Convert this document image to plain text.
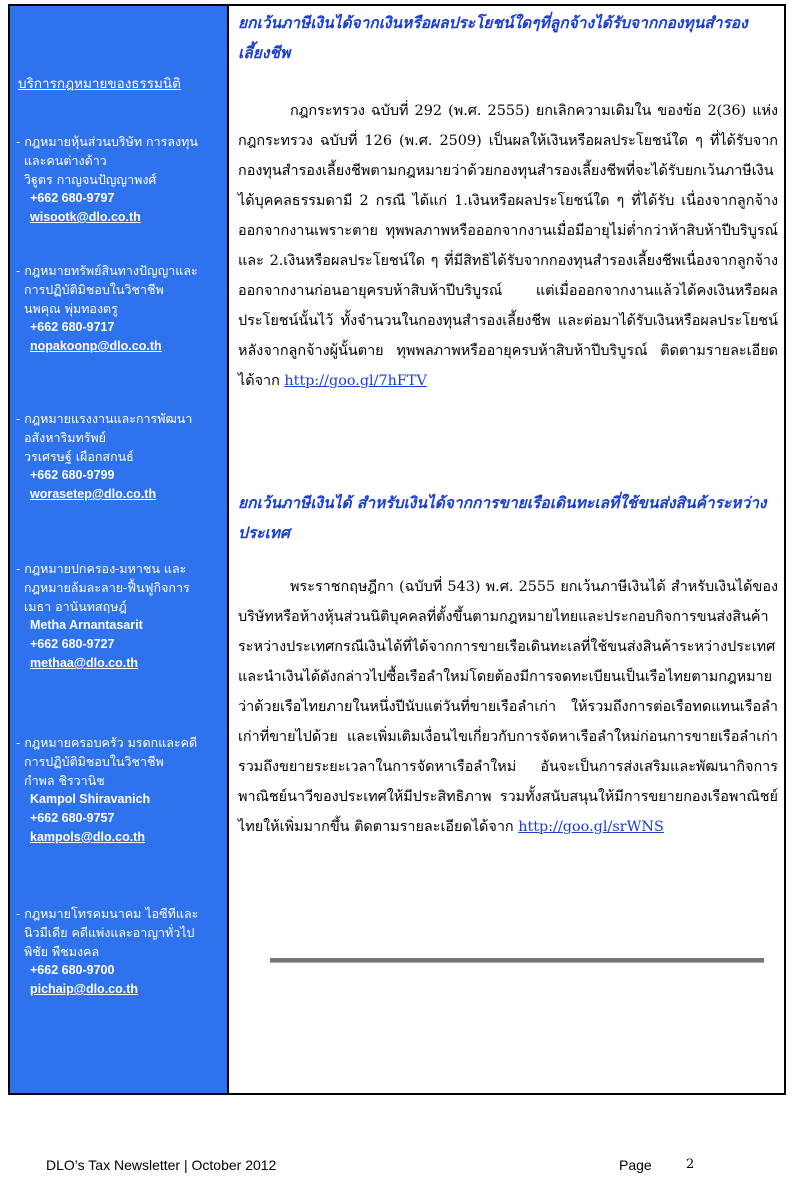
บริการกฎหมายของธรรมนิติ
- กฎหมายหุ้นส่วนบริษัท การลงทุน
และคนต่างด้าว
วิฐูตร กาญจนปัญญาพงศ์
+662 680-9797
wisootk@dlo.co.th
- กฎหมายทรัพย์สินทางปัญญาและ
การปฏิบัติมิชอบในวิชาชีพ
นพคุณ พุ่มทองตรู
+662 680-9717
nopakoonp@dlo.co.th
- กฎหมายแรงงานและการพัฒนา
อสังหาริมทรัพย์
วรเศรษฐ์ เผือกสกนธ์
+662 680-9799
worasetep@dlo.co.th
- กฎหมายปกครอง-มหาชน และ
กฎหมายล้มละลาย-ฟื้นฟูกิจการ
เมธา อานันทสฤษฎ์
Metha Arnantasarit
+662 680-9727
methaa@dlo.co.th
- กฎหมายครอบครัว มรดกและคดี
การปฏิบัติมิชอบในวิชาชีพ
กำพล ชิรวานิช
Kampol Shiravanich
+662 680-9757
kampols@dlo.co.th
- กฎหมายโทรคมนาคม ไอซีทีและ
นิวมีเดีย คดีแพ่งและอาญาทั่วไป
พิชัย พืชมงคล
+662 680-9700
pichaip@dlo.co.th
ยกเว้นภาษีเงินได้จากเงินหรือผลประโยชน์ใดๆที่ลูกจ้างได้รับจากกองทุนสำรองเลี้ยงชีพ
กฎกระทรวง ฉบับที่ 292 (พ.ศ. 2555) ยกเลิกความเดิมใน ของข้อ 2(36) แห่งกฎกระทรวง ฉบับที่ 126 (พ.ศ. 2509) เป็นผลให้เงินหรือผลประโยชน์ใด ๆ ที่ได้รับจากกองทุนสำรองเลี้ยงชีพตามกฎหมายว่าด้วยกองทุนสำรองเลี้ยงชีพที่จะได้รับยกเว้นภาษีเงินได้บุคคลธรรมดามี 2 กรณี ได้แก่ 1.เงินหรือผลประโยชน์ใด ๆ ที่ได้รับ เนื่องจากลูกจ้างออกจากงานเพราะตาย ทุพพลภาพหรือออกจากงานเมื่อมีอายุไม่ต่ำกว่าห้าสิบห้าปีบริบูรณ์ และ 2.เงินหรือผลประโยชน์ใด ๆ ที่มีสิทธิได้รับจากกองทุนสำรองเลี้ยงชีพเนื่องจากลูกจ้างออกจากงานก่อนอายุครบห้าสิบห้าปีบริบูรณ์ แต่เมื่อออกจากงานแล้วได้คงเงินหรือผลประโยชน์นั้นไว้ ทั้งจำนวนในกองทุนสำรองเลี้ยงชีพ และต่อมาได้รับเงินหรือผลประโยชน์หลังจากลูกจ้างผู้นั้นตาย ทุพพลภาพหรืออายุครบห้าสิบห้าปีบริบูรณ์ ติดตามรายละเอียดได้จาก http://goo.gl/7hFTV
ยกเว้นภาษีเงินได้ สำหรับเงินได้จากการขายเรือเดินทะเลที่ใช้ขนส่งสินค้าระหว่างประเทศ
พระราชกฤษฎีกา (ฉบับที่ 543) พ.ศ. 2555 ยกเว้นภาษีเงินได้ สำหรับเงินได้ของบริษัทหรือห้างหุ้นส่วนนิติบุคคลที่ตั้งขึ้นตามกฎหมายไทยและประกอบกิจการขนส่งสินค้าระหว่างประเทศกรณีเงินได้ที่ได้จากการขายเรือเดินทะเลที่ใช้ขนส่งสินค้าระหว่างประเทศ และนำเงินได้ดังกล่าวไปซื้อเรือลำใหม่โดยต้องมีการจดทะเบียนเป็นเรือไทยตามกฎหมายว่าด้วยเรือไทยภายในหนึ่งปีนับแต่วันที่ขายเรือลำเก่า ให้รวมถึงการต่อเรือทดแทนเรือลำเก่าที่ขายไปด้วย และเพิ่มเติมเงื่อนไขเกี่ยวกับการจัดหาเรือลำใหม่ก่อนการขายเรือลำเก่ารวมถึงขยายระยะเวลาในการจัดหาเรือลำใหม่ อันจะเป็นการส่งเสริมและพัฒนากิจการพาณิชย์นาวีของประเทศให้มีประสิทธิภาพ รวมทั้งสนับสนุนให้มีการขยายกองเรือพาณิชย์ไทยให้เพิ่มมากขึ้น ติดตามรายละเอียดได้จาก http://goo.gl/srWNS
DLO’s Tax Newsletter | October 2012	Page	2
